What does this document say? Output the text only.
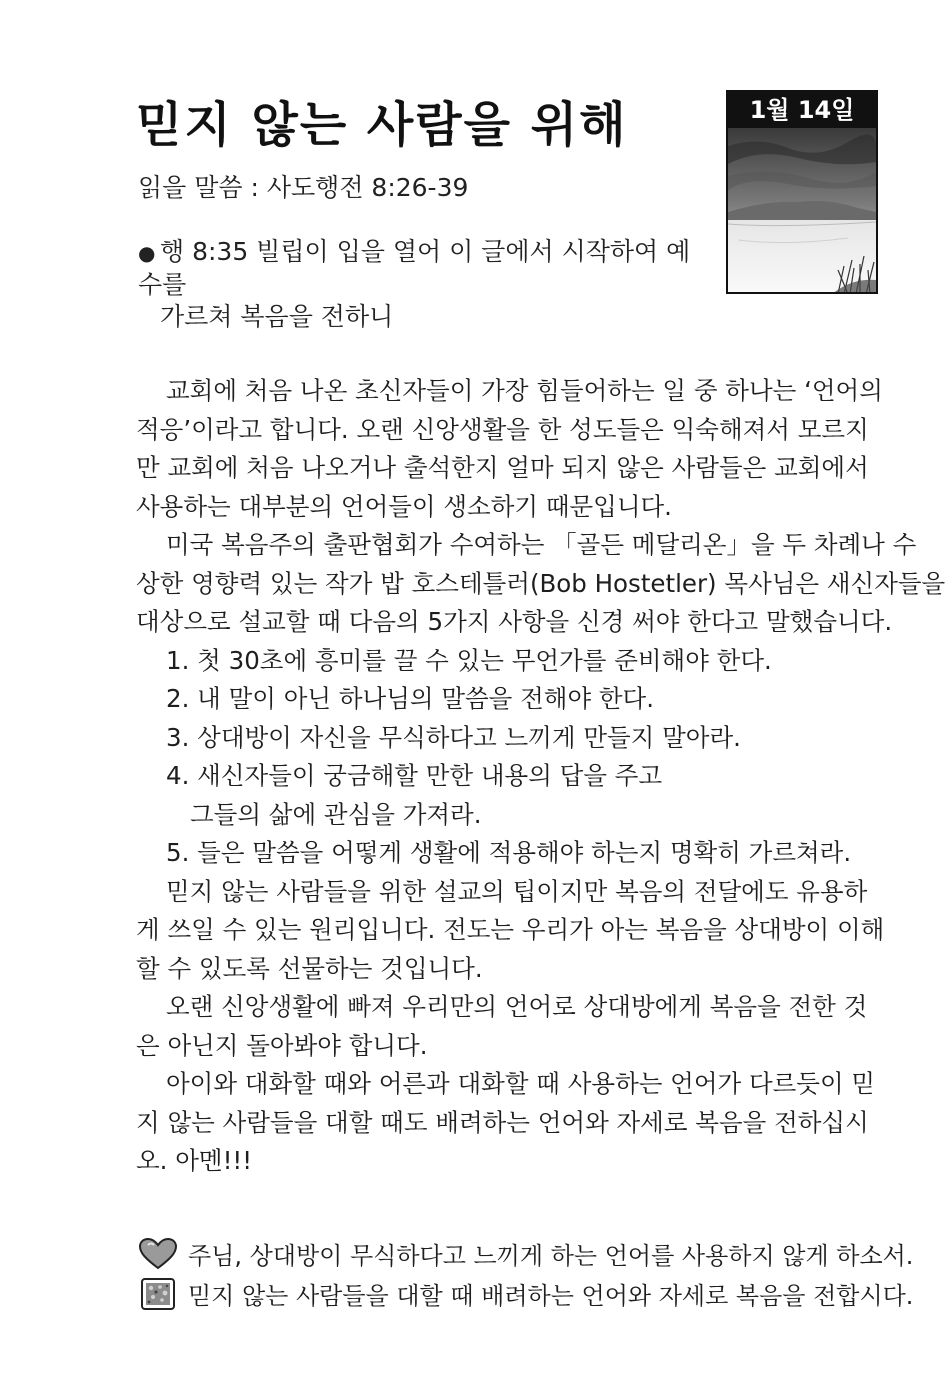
믿지 않는 사람을 위해
읽을 말씀 : 사도행전 8:26-39
● 행 8:35 빌립이 입을 열어 이 글에서 시작하여 예수를
가르쳐 복음을 전하니
1월 14일
교회에 처음 나온 초신자들이 가장 힘들어하는 일 중 하나는 ‘언어의
적응’이라고 합니다. 오랜 신앙생활을 한 성도들은 익숙해져서 모르지
만 교회에 처음 나오거나 출석한지 얼마 되지 않은 사람들은 교회에서
사용하는 대부분의 언어들이 생소하기 때문입니다.
미국 복음주의 출판협회가 수여하는 「골든 메달리온」을 두 차례나 수
상한 영향력 있는 작가 밥 호스테틀러(Bob Hostetler) 목사님은 새신자들을
대상으로 설교할 때 다음의 5가지 사항을 신경 써야 한다고 말했습니다.
1. 첫 30초에 흥미를 끌 수 있는 무언가를 준비해야 한다.
2. 내 말이 아닌 하나님의 말씀을 전해야 한다.
3. 상대방이 자신을 무식하다고 느끼게 만들지 말아라.
4. 새신자들이 궁금해할 만한 내용의 답을 주고
그들의 삶에 관심을 가져라.
5. 들은 말씀을 어떻게 생활에 적용해야 하는지 명확히 가르쳐라.
믿지 않는 사람들을 위한 설교의 팁이지만 복음의 전달에도 유용하
게 쓰일 수 있는 원리입니다. 전도는 우리가 아는 복음을 상대방이 이해
할 수 있도록 선물하는 것입니다.
오랜 신앙생활에 빠져 우리만의 언어로 상대방에게 복음을 전한 것
은 아닌지 돌아봐야 합니다.
아이와 대화할 때와 어른과 대화할 때 사용하는 언어가 다르듯이 믿
지 않는 사람들을 대할 때도 배려하는 언어와 자세로 복음을 전하십시
오. 아멘!!!
주님, 상대방이 무식하다고 느끼게 하는 언어를 사용하지 않게 하소서.
믿지 않는 사람들을 대할 때 배려하는 언어와 자세로 복음을 전합시다.
